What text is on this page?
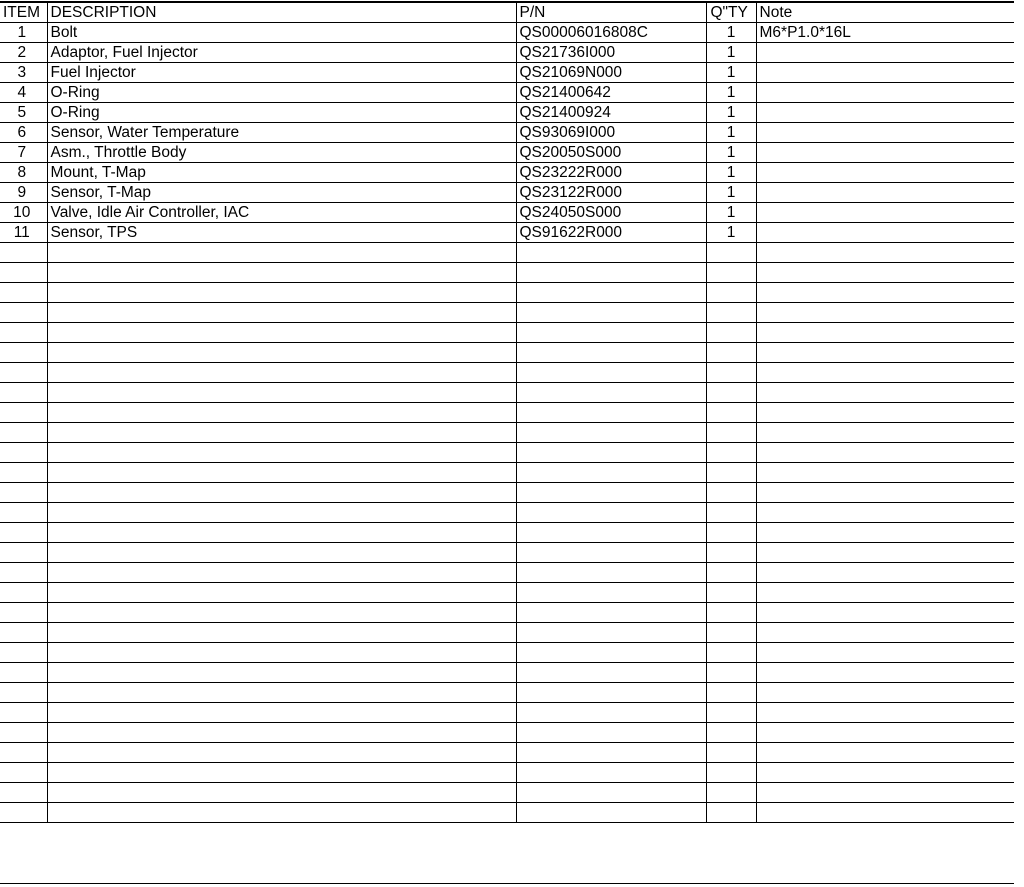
ITEM	DESCRIPTION	P/N	Q"TY	Note
1	Bolt	QS00006016808C	1	M6*P1.0*16L
2	Adaptor, Fuel Injector	QS21736I000	1	
3	Fuel Injector	QS21069N000	1	
4	O-Ring	QS21400642	1	
5	O-Ring	QS21400924	1	
6	Sensor, Water Temperature	QS93069I000	1	
7	Asm., Throttle Body	QS20050S000	1	
8	Mount, T-Map	QS23222R000	1	
9	Sensor, T-Map	QS23122R000	1	
10	Valve, Idle Air Controller, IAC	QS24050S000	1	
11	Sensor, TPS	QS91622R000	1	
